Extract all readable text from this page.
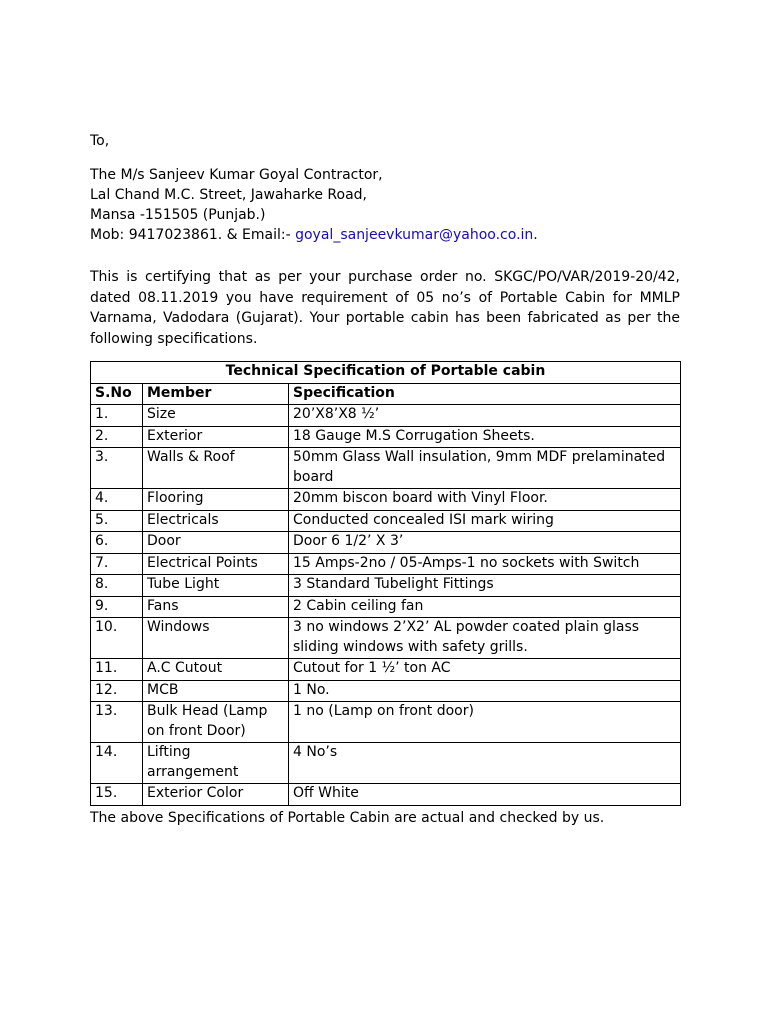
To,
The M/s Sanjeev Kumar Goyal Contractor,
Lal Chand M.C. Street, Jawaharke Road,
Mansa -151505 (Punjab.)
Mob: 9417023861. & Email:- goyal_sanjeevkumar@yahoo.co.in.
This is certifying that as per your purchase order no. SKGC/PO/VAR/2019-20/42, dated 08.11.2019 you have requirement of 05 no’s of Portable Cabin for MMLP Varnama, Vadodara (Gujarat). Your portable cabin has been fabricated as per the following specifications.
Technical Specification of Portable cabin		
S.No	Member	Specification
1.	Size	20’X8’X8 ½’
2.	Exterior	18 Gauge M.S Corrugation Sheets.
3.	Walls & Roof	50mm Glass Wall insulation, 9mm MDF prelaminated board
4.	Flooring	20mm biscon board with Vinyl Floor.
5.	Electricals	Conducted concealed ISI mark wiring
6.	Door	Door 6 1/2’ X 3’
7.	Electrical Points	15 Amps-2no / 05-Amps-1 no sockets with Switch
8.	Tube Light	3 Standard Tubelight Fittings
9.	Fans	2 Cabin ceiling fan
10.	Windows	3 no windows 2’X2’ AL powder coated plain glass sliding windows with safety grills.
11.	A.C Cutout	Cutout for 1 ½’ ton AC
12.	MCB	1 No.
13.	Bulk Head (Lamp on front Door)	1 no (Lamp on front door)
14.	Lifting arrangement	4 No’s
15.	Exterior Color	Off White
The above Specifications of Portable Cabin are actual and checked by us.
